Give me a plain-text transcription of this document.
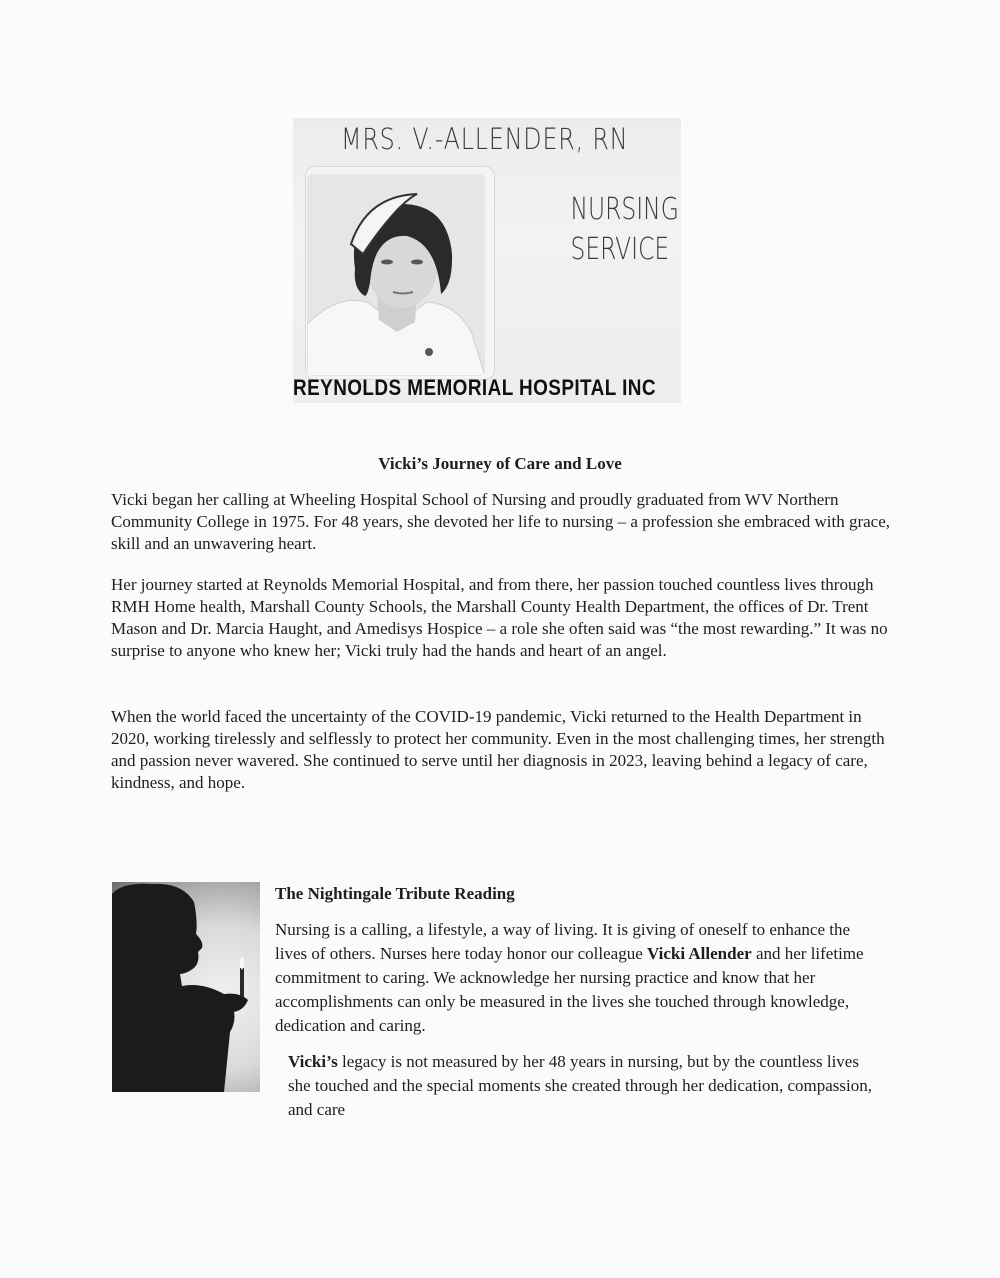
MRS. V.-ALLENDER, RN
NURSING
SERVICE
REYNOLDS MEMORIAL HOSPITAL INC
Vicki’s Journey of Care and Love

Vicki began her calling at Wheeling Hospital School of Nursing and proudly graduated from WV Northern Community College in 1975. For 48 years, she devoted her life to nursing – a profession she embraced with grace, skill and an unwavering heart.

Her journey started at Reynolds Memorial Hospital, and from there, her passion touched countless lives through RMH Home health, Marshall County Schools, the Marshall County Health Department, the offices of Dr. Trent Mason and Dr. Marcia Haught, and Amedisys Hospice – a role she often said was “the most rewarding.” It was no surprise to anyone who knew her; Vicki truly had the hands and heart of an angel.

When the world faced the uncertainty of the COVID-19 pandemic, Vicki returned to the Health Department in 2020, working tirelessly and selflessly to protect her community. Even in the most challenging times, her strength and passion never wavered. She continued to serve until her diagnosis in 2023, leaving behind a legacy of care, kindness, and hope.

The Nightingale Tribute Reading

Nursing is a calling, a lifestyle, a way of living. It is giving of oneself to enhance the lives of others. Nurses here today honor our colleague Vicki Allender and her lifetime commitment to caring. We acknowledge her nursing practice and know that her accomplishments can only be measured in the lives she touched through knowledge, dedication and caring.

Vicki’s legacy is not measured by her 48 years in nursing, but by the countless lives she touched and the special moments she created through her dedication, compassion, and care
